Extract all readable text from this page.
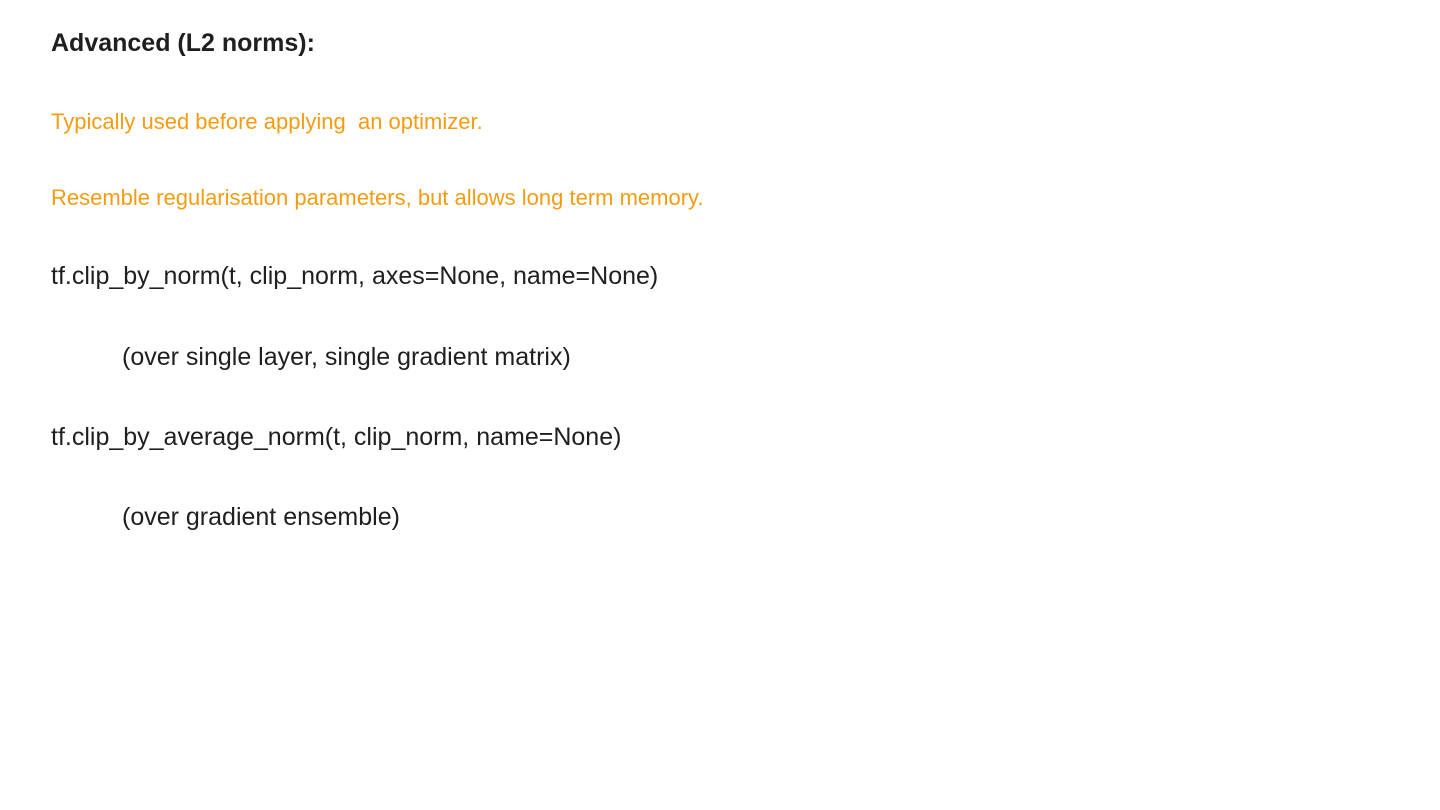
Advanced (L2 norms):
Typically used before applying  an optimizer.
Resemble regularisation parameters, but allows long term memory.
tf.clip_by_norm(t, clip_norm, axes=None, name=None)
(over single layer, single gradient matrix)
tf.clip_by_average_norm(t, clip_norm, name=None)
(over gradient ensemble)
